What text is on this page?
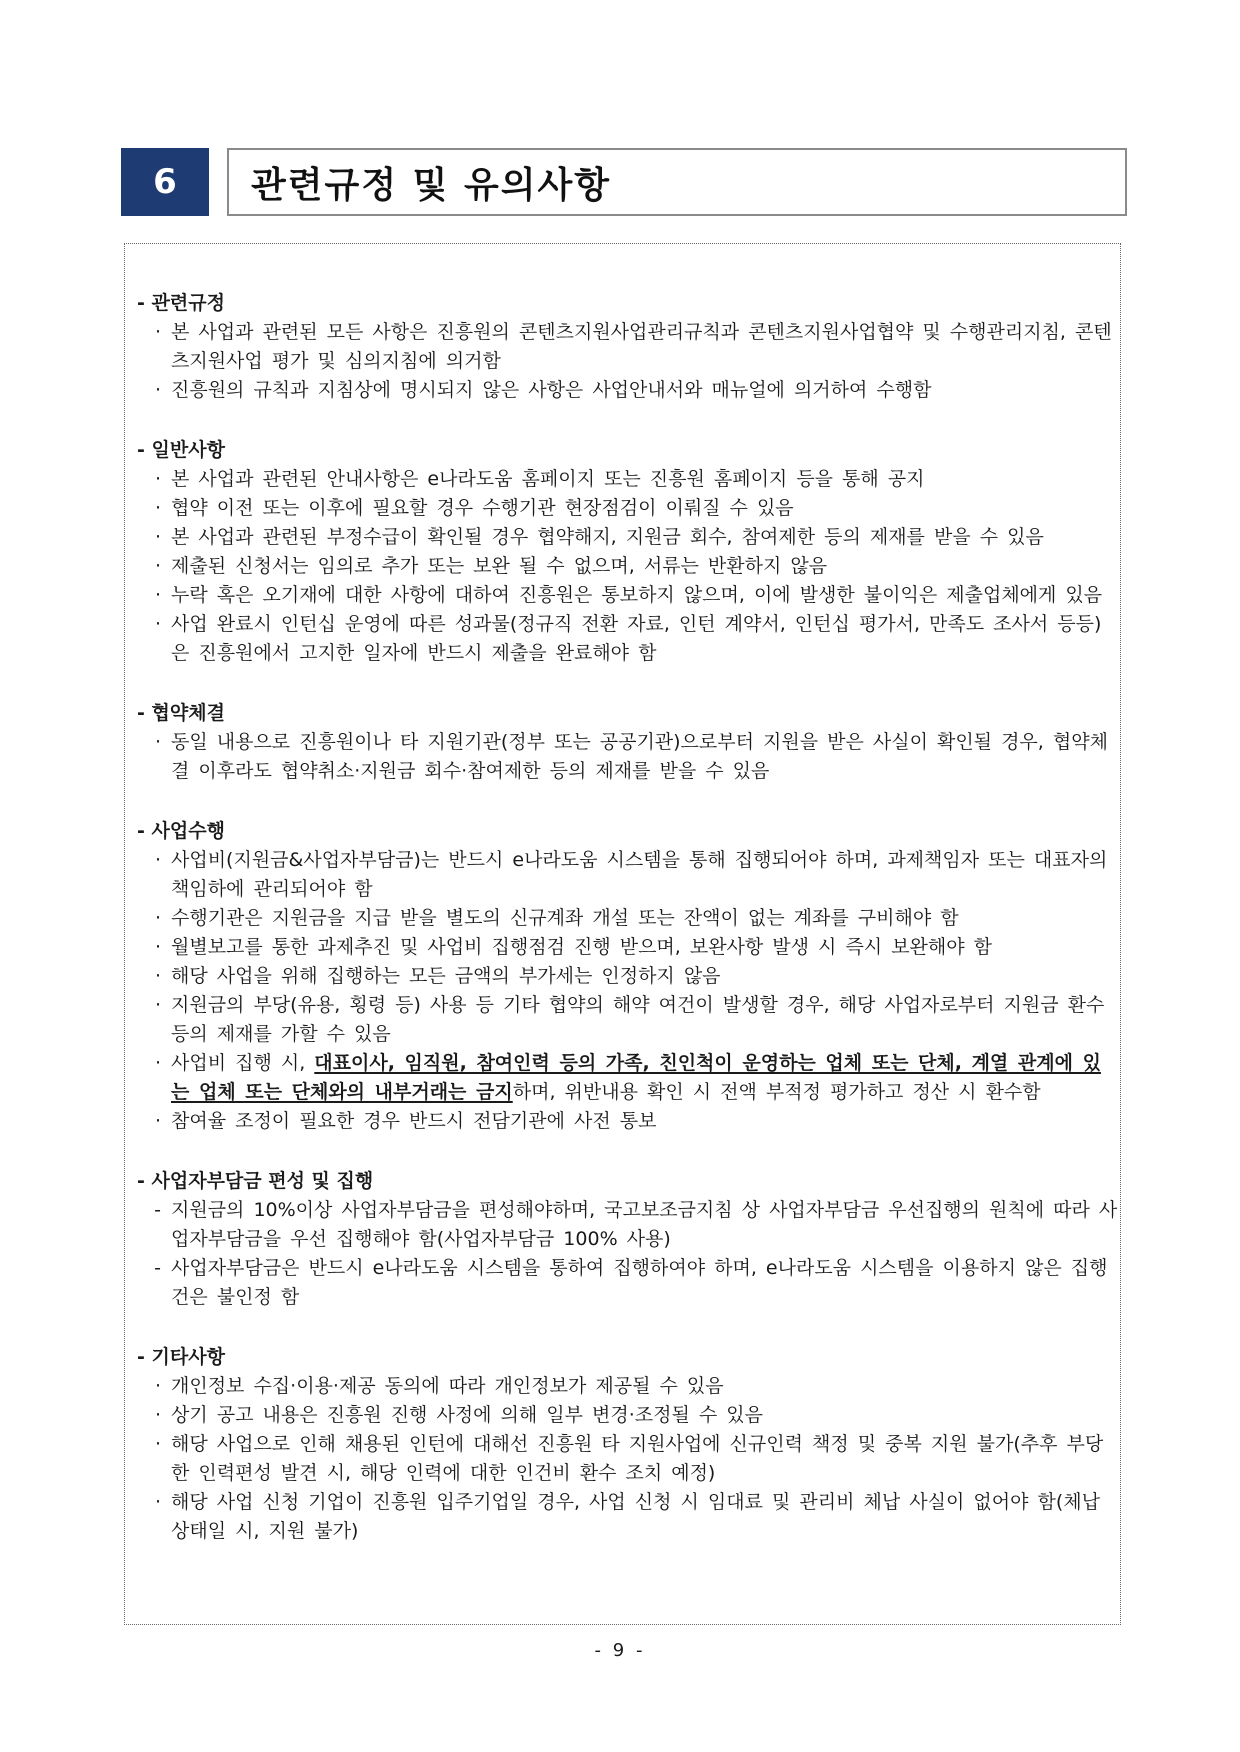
6	관련규정 및 유의사항
- 관련규정
· 본 사업과 관련된 모든 사항은 진흥원의 콘텐츠지원사업관리규칙과 콘텐츠지원사업협약 및 수행관리지침, 콘텐츠지원사업 평가 및 심의지침에 의거함
· 진흥원의 규칙과 지침상에 명시되지 않은 사항은 사업안내서와 매뉴얼에 의거하여 수행함
- 일반사항
· 본 사업과 관련된 안내사항은 e나라도움 홈페이지 또는 진흥원 홈페이지 등을 통해 공지
· 협약 이전 또는 이후에 필요할 경우 수행기관 현장점검이 이뤄질 수 있음
· 본 사업과 관련된 부정수급이 확인될 경우 협약해지, 지원금 회수, 참여제한 등의 제재를 받을 수 있음
· 제출된 신청서는 임의로 추가 또는 보완 될 수 없으며, 서류는 반환하지 않음
· 누락 혹은 오기재에 대한 사항에 대하여 진흥원은 통보하지 않으며, 이에 발생한 불이익은 제출업체에게 있음
· 사업 완료시 인턴십 운영에 따른 성과물(정규직 전환 자료, 인턴 계약서, 인턴십 평가서, 만족도 조사서 등등)은 진흥원에서 고지한 일자에 반드시 제출을 완료해야 함
- 협약체결
· 동일 내용으로 진흥원이나 타 지원기관(정부 또는 공공기관)으로부터 지원을 받은 사실이 확인될 경우, 협약체결 이후라도 협약취소·지원금 회수·참여제한 등의 제재를 받을 수 있음
- 사업수행
· 사업비(지원금&사업자부담금)는 반드시 e나라도움 시스템을 통해 집행되어야 하며, 과제책임자 또는 대표자의 책임하에 관리되어야 함
· 수행기관은 지원금을 지급 받을 별도의 신규계좌 개설 또는 잔액이 없는 계좌를 구비해야 함
· 월별보고를 통한 과제추진 및 사업비 집행점검 진행 받으며, 보완사항 발생 시 즉시 보완해야 함
· 해당 사업을 위해 집행하는 모든 금액의 부가세는 인정하지 않음
· 지원금의 부당(유용, 횡령 등) 사용 등 기타 협약의 해약 여건이 발생할 경우, 해당 사업자로부터 지원금 환수 등의 제재를 가할 수 있음
· 사업비 집행 시, 대표이사, 임직원, 참여인력 등의 가족, 친인척이 운영하는 업체 또는 단체, 계열 관계에 있는 업체 또는 단체와의 내부거래는 금지하며, 위반내용 확인 시 전액 부적정 평가하고 정산 시 환수함
· 참여율 조정이 필요한 경우 반드시 전담기관에 사전 통보
- 사업자부담금 편성 및 집행
- 지원금의 10%이상 사업자부담금을 편성해야하며, 국고보조금지침 상 사업자부담금 우선집행의 원칙에 따라 사업자부담금을 우선 집행해야 함(사업자부담금 100% 사용)
- 사업자부담금은 반드시 e나라도움 시스템을 통하여 집행하여야 하며, e나라도움 시스템을 이용하지 않은 집행 건은 불인정 함
- 기타사항
· 개인정보 수집·이용·제공 동의에 따라 개인정보가 제공될 수 있음
· 상기 공고 내용은 진흥원 진행 사정에 의해 일부 변경·조정될 수 있음
· 해당 사업으로 인해 채용된 인턴에 대해선 진흥원 타 지원사업에 신규인력 책정 및 중복 지원 불가(추후 부당한 인력편성 발견 시, 해당 인력에 대한 인건비 환수 조치 예정)
· 해당 사업 신청 기업이 진흥원 입주기업일 경우, 사업 신청 시 임대료 및 관리비 체납 사실이 없어야 함(체납 상태일 시, 지원 불가)
- 9 -
